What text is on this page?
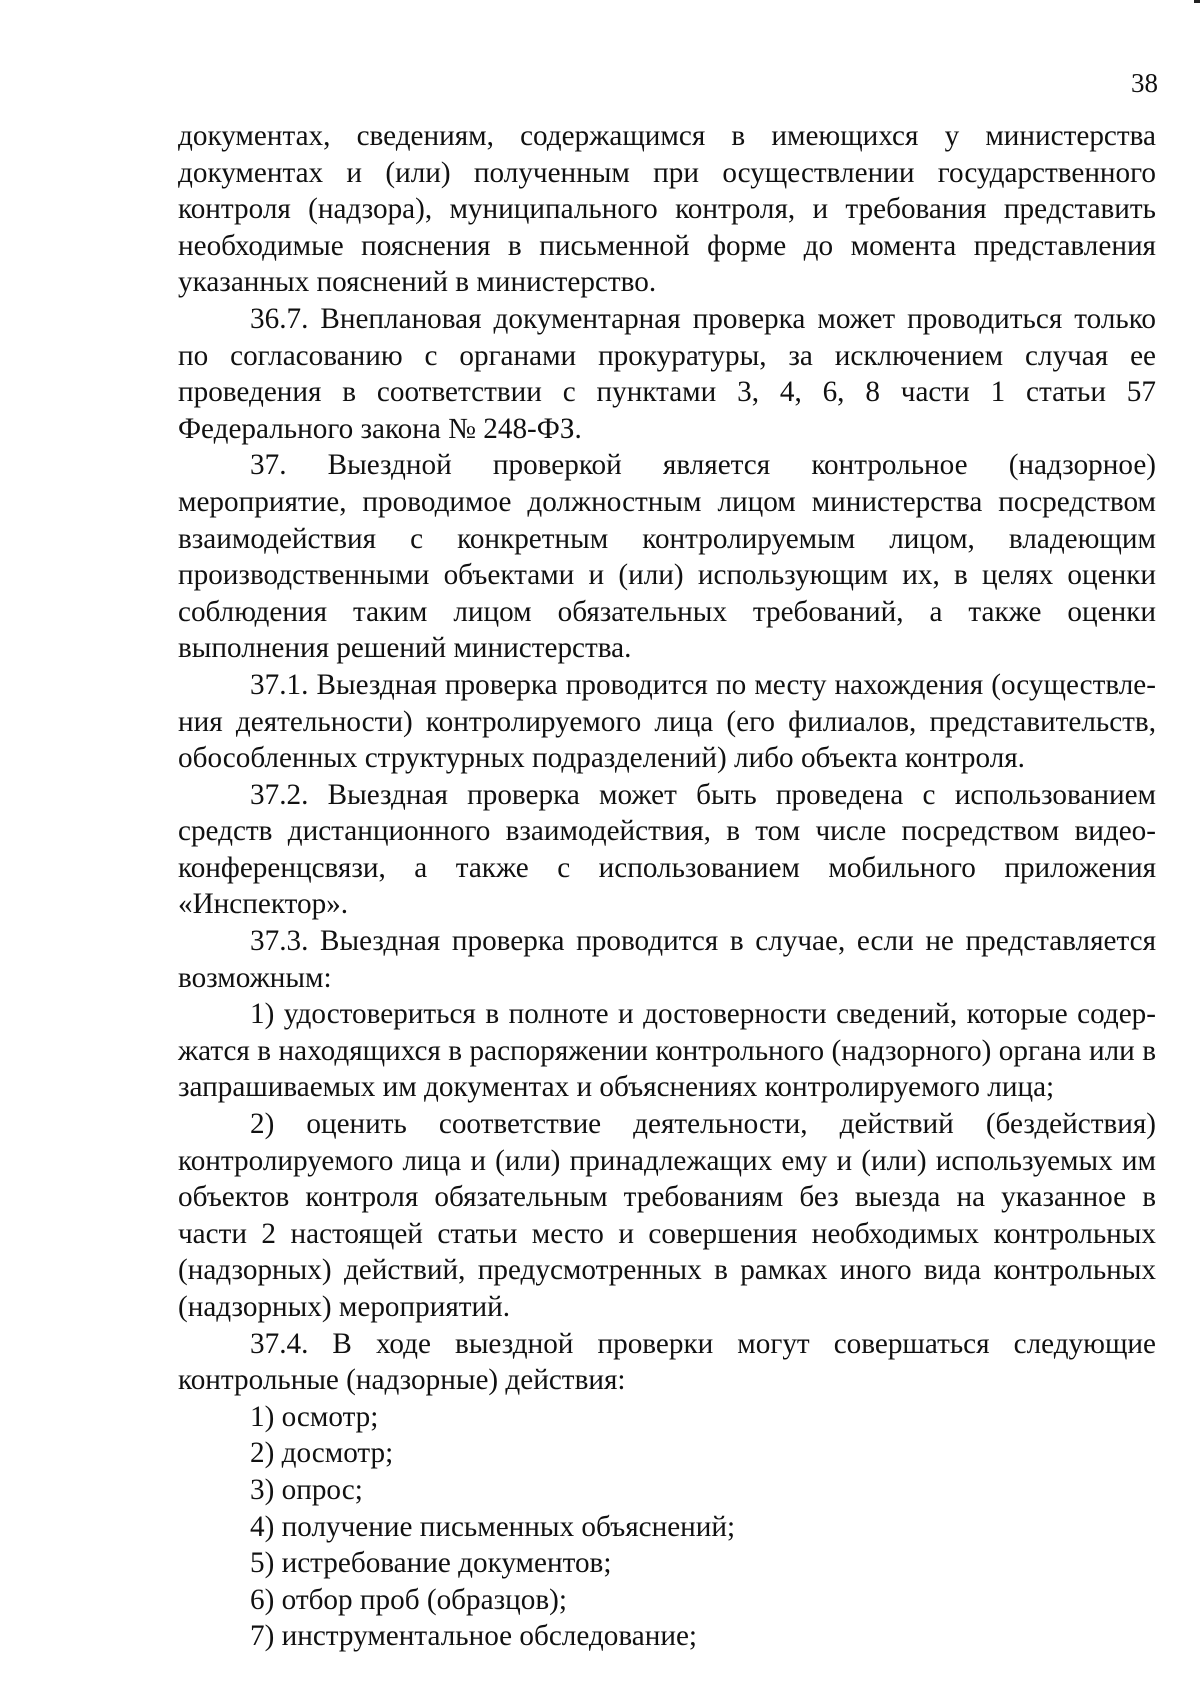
38

документах, сведениям, содержащимся в имеющихся у министерства документах и (или) полученным при осуществлении государственного контроля (надзора), муниципального контроля, и требования представить необходимые пояснения в письменной форме до момента представления указанных пояснений в министерство.

36.7. Внеплановая документарная проверка может проводиться только по согласованию с органами прокуратуры, за исключением случая ее проведения в соответствии с пунктами 3, 4, 6, 8 части 1 статьи 57 Федерального закона № 248-ФЗ.

37. Выездной проверкой является контрольное (надзорное) мероприятие, проводимое должностным лицом министерства посредством взаимодействия с конкретным контролируемым лицом, владеющим производственными объектами и (или) использующим их, в целях оценки соблюдения таким лицом обязательных требований, а также оценки выполнения решений министерства.

37.1. Выездная проверка проводится по месту нахождения (осуществления деятельности) контролируемого лица (его филиалов, представительств, обособленных структурных подразделений) либо объекта контроля.

37.2. Выездная проверка может быть проведена с использованием средств дистанционного взаимодействия, в том числе посредством видео-конференцсвязи, а также с использованием мобильного приложения «Инспектор».

37.3. Выездная проверка проводится в случае, если не представляется возможным:

1) удостовериться в полноте и достоверности сведений, которые содержатся в находящихся в распоряжении контрольного (надзорного) органа или в запрашиваемых им документах и объяснениях контролируемого лица;

2) оценить соответствие деятельности, действий (бездействия) контролируемого лица и (или) принадлежащих ему и (или) используемых им объектов контроля обязательным требованиям без выезда на указанное в части 2 настоящей статьи место и совершения необходимых контрольных (надзорных) действий, предусмотренных в рамках иного вида контрольных (надзорных) мероприятий.

37.4. В ходе выездной проверки могут совершаться следующие контрольные (надзорные) действия:

1) осмотр;

2) досмотр;

3) опрос;

4) получение письменных объяснений;

5) истребование документов;

6) отбор проб (образцов);

7) инструментальное обследование;
